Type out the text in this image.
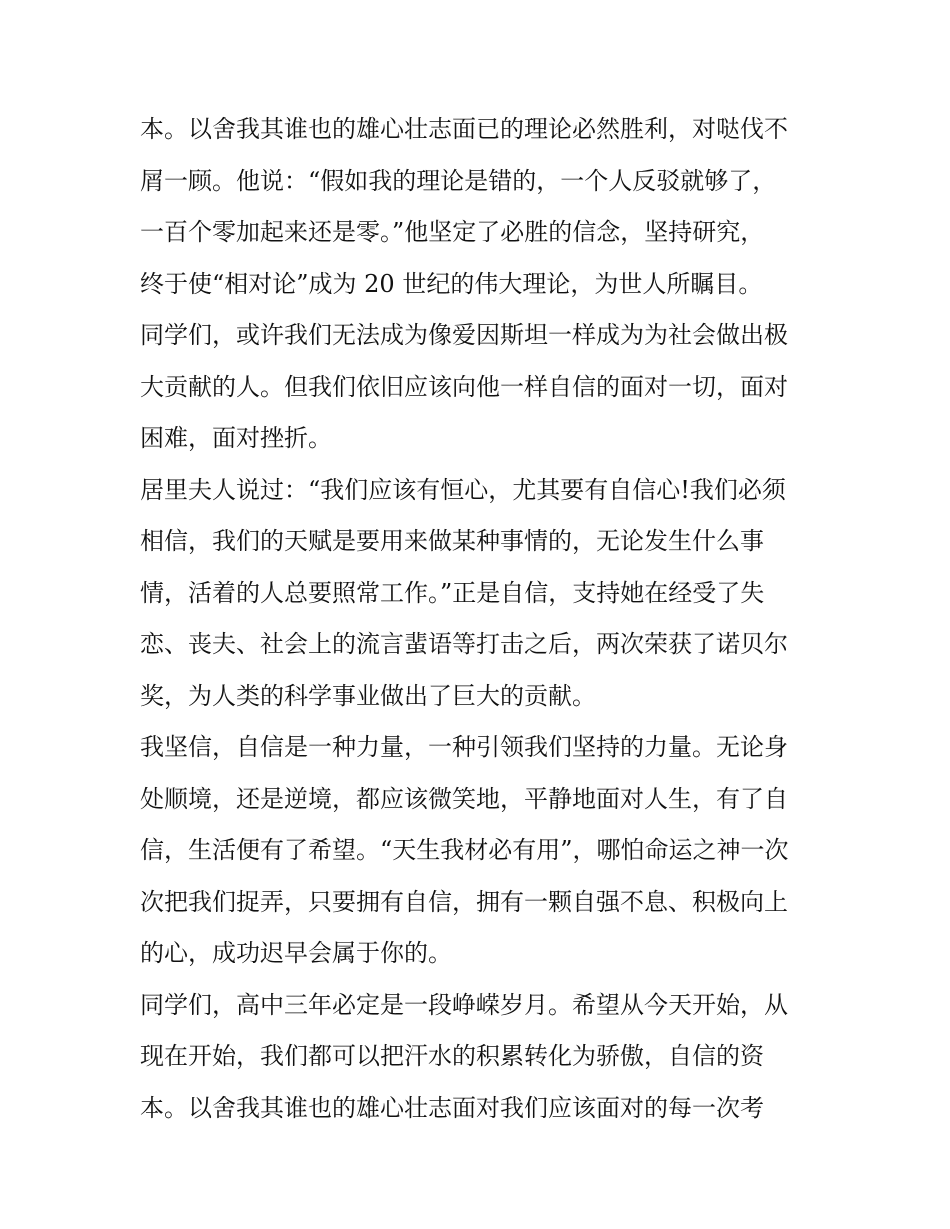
本。以舍我其谁也的雄心壮志面已的理论必然胜利，对哒伐不
屑一顾。他说：“假如我的理论是错的，一个人反驳就够了，
一百个零加起来还是零。”他坚定了必胜的信念，坚持研究，
终于使“相对论”成为 20 世纪的伟大理论，为世人所瞩目。
同学们，或许我们无法成为像爱因斯坦一样成为为社会做出极
大贡献的人。但我们依旧应该向他一样自信的面对一切，面对
困难，面对挫折。
居里夫人说过：“我们应该有恒心，尤其要有自信心!我们必须
相信，我们的天赋是要用来做某种事情的，无论发生什么事
情，活着的人总要照常工作。”正是自信，支持她在经受了失
恋、丧夫、社会上的流言蜚语等打击之后，两次荣获了诺贝尔
奖，为人类的科学事业做出了巨大的贡献。
我坚信，自信是一种力量，一种引领我们坚持的力量。无论身
处顺境，还是逆境，都应该微笑地，平静地面对人生，有了自
信，生活便有了希望。“天生我材必有用”，哪怕命运之神一次
次把我们捉弄，只要拥有自信，拥有一颗自强不息、积极向上
的心，成功迟早会属于你的。
同学们，高中三年必定是一段峥嵘岁月。希望从今天开始，从
现在开始，我们都可以把汗水的积累转化为骄傲，自信的资
本。以舍我其谁也的雄心壮志面对我们应该面对的每一次考
